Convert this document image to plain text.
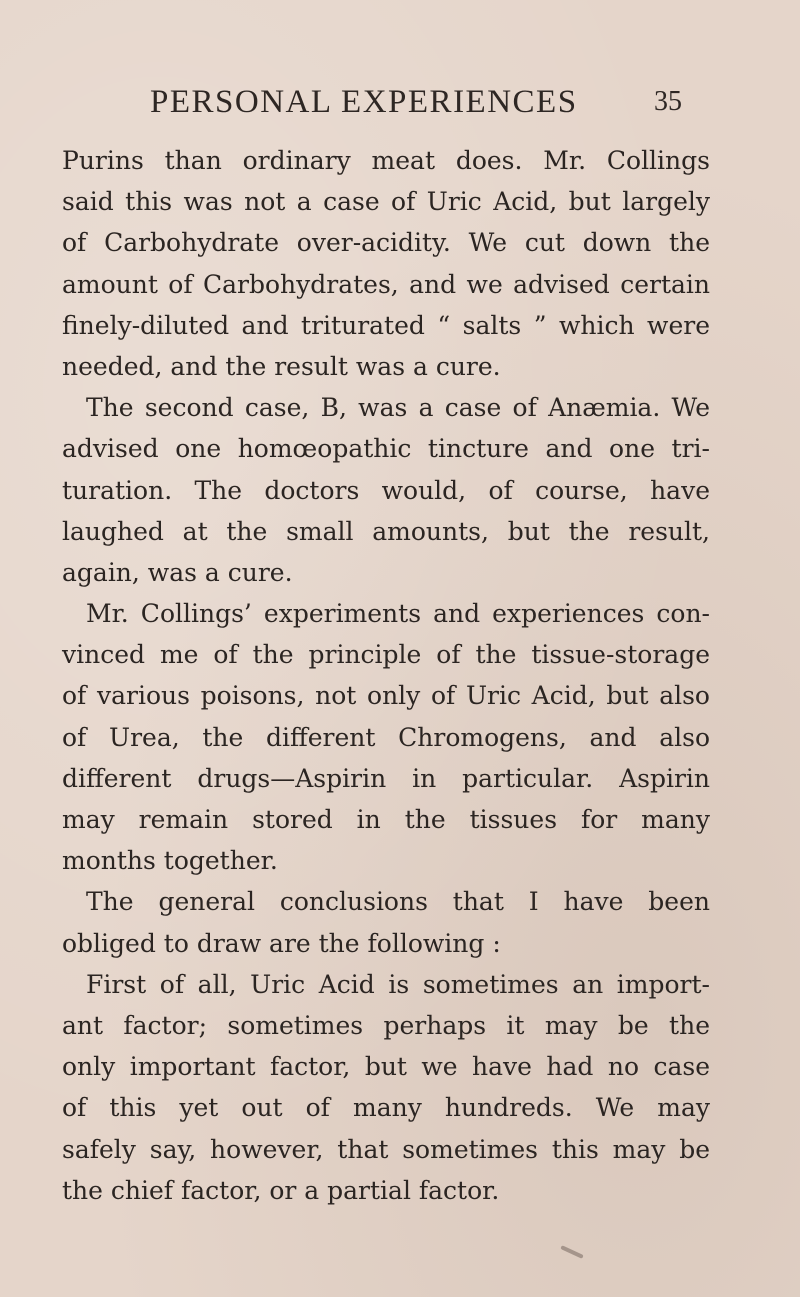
PERSONAL EXPERIENCES	35
Purins than ordinary meat does. Mr. Collings
said this was not a case of Uric Acid, but largely
of Carbohydrate over-acidity. We cut down the
amount of Carbohydrates, and we advised certain
finely-diluted and triturated “ salts ” which were
needed, and the result was a cure.
The second case, B, was a case of Anæmia. We
advised one homœopathic tincture and one tri-
turation. The doctors would, of course, have
laughed at the small amounts, but the result,
again, was a cure.
Mr. Collings’ experiments and experiences con-
vinced me of the principle of the tissue-storage
of various poisons, not only of Uric Acid, but also
of Urea, the different Chromogens, and also
different drugs—Aspirin in particular. Aspirin
may remain stored in the tissues for many
months together.
The general conclusions that I have been
obliged to draw are the following :
First of all, Uric Acid is sometimes an import-
ant factor; sometimes perhaps it may be the
only important factor, but we have had no case
of this yet out of many hundreds. We may
safely say, however, that sometimes this may be
the chief factor, or a partial factor.
